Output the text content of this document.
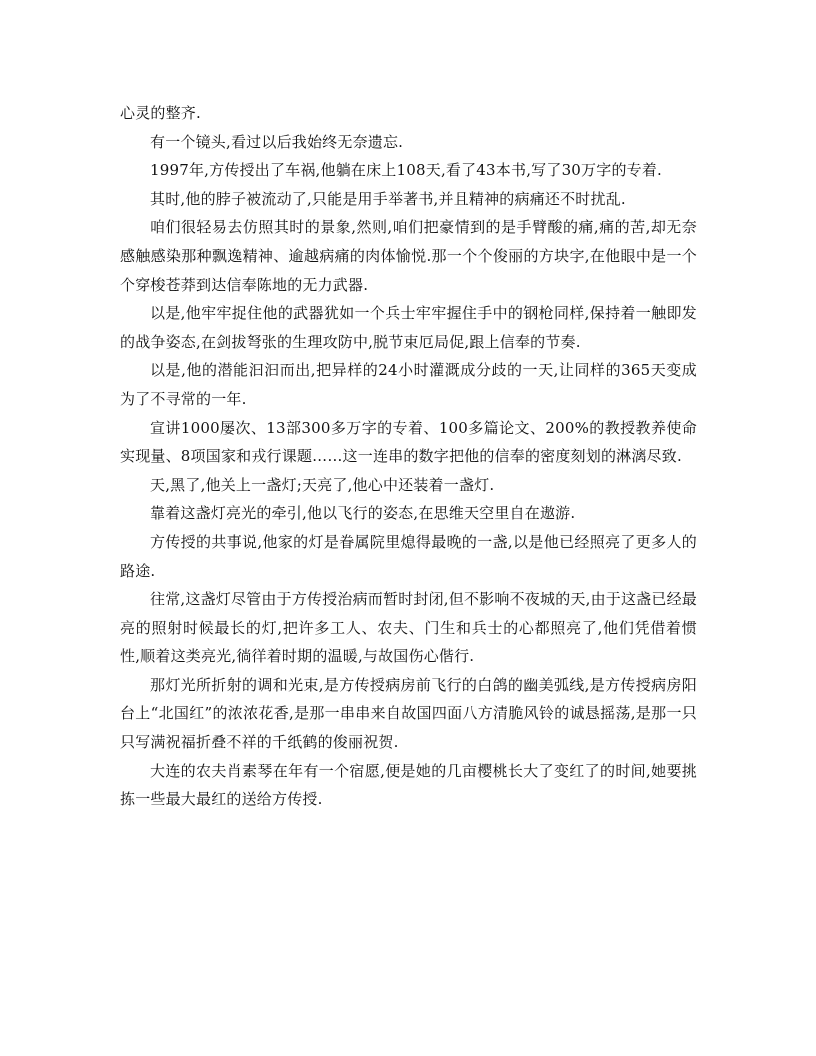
心灵的整齐.

有一个镜头,看过以后我始终无奈遗忘.

1997年,方传授出了车祸,他躺在床上108天,看了43本书,写了30万字的专着.

其时,他的脖子被流动了,只能是用手举著书,并且精神的病痛还不时扰乱.

咱们很轻易去仿照其时的景象,然则,咱们把豪情到的是手臂酸的痛,痛的苦,却无奈感触感染那种飘逸精神、逾越病痛的肉体愉悦.那一个个俊丽的方块字,在他眼中是一个个穿梭苍莽到达信奉陈地的无力武器.

以是,他牢牢捉住他的武器犹如一个兵士牢牢握住手中的钢枪同样,保持着一触即发的战争姿态,在剑拔弩张的生理攻防中,脱节束厄局促,跟上信奉的节奏.

以是,他的潜能汩汩而出,把异样的24小时灌溉成分歧的一天,让同样的365天变成为了不寻常的一年.

宣讲1000屡次、13部300多万字的专着、100多篇论文、200%的教授教养使命实现量、8项国家和戎行课题……这一连串的数字把他的信奉的密度刻划的淋漓尽致.

天,黑了,他关上一盏灯;天亮了,他心中还装着一盏灯.

靠着这盏灯亮光的牵引,他以飞行的姿态,在思维天空里自在遨游.

方传授的共事说,他家的灯是眷属院里熄得最晚的一盏,以是他已经照亮了更多人的路途.

往常,这盏灯尽管由于方传授治病而暂时封闭,但不影响不夜城的天,由于这盏已经最亮的照射时候最长的灯,把许多工人、农夫、门生和兵士的心都照亮了,他们凭借着惯性,顺着这类亮光,徜徉着时期的温暖,与故国伤心偕行.

那灯光所折射的调和光束,是方传授病房前飞行的白鸽的幽美弧线,是方传授病房阳台上“北国红”的浓浓花香,是那一串串来自故国四面八方清脆风铃的诚恳摇荡,是那一只只写满祝福折叠不祥的千纸鹤的俊丽祝贺.

大连的农夫肖素琴在年有一个宿愿,便是她的几亩樱桃长大了变红了的时间,她要挑拣一些最大最红的送给方传授.
